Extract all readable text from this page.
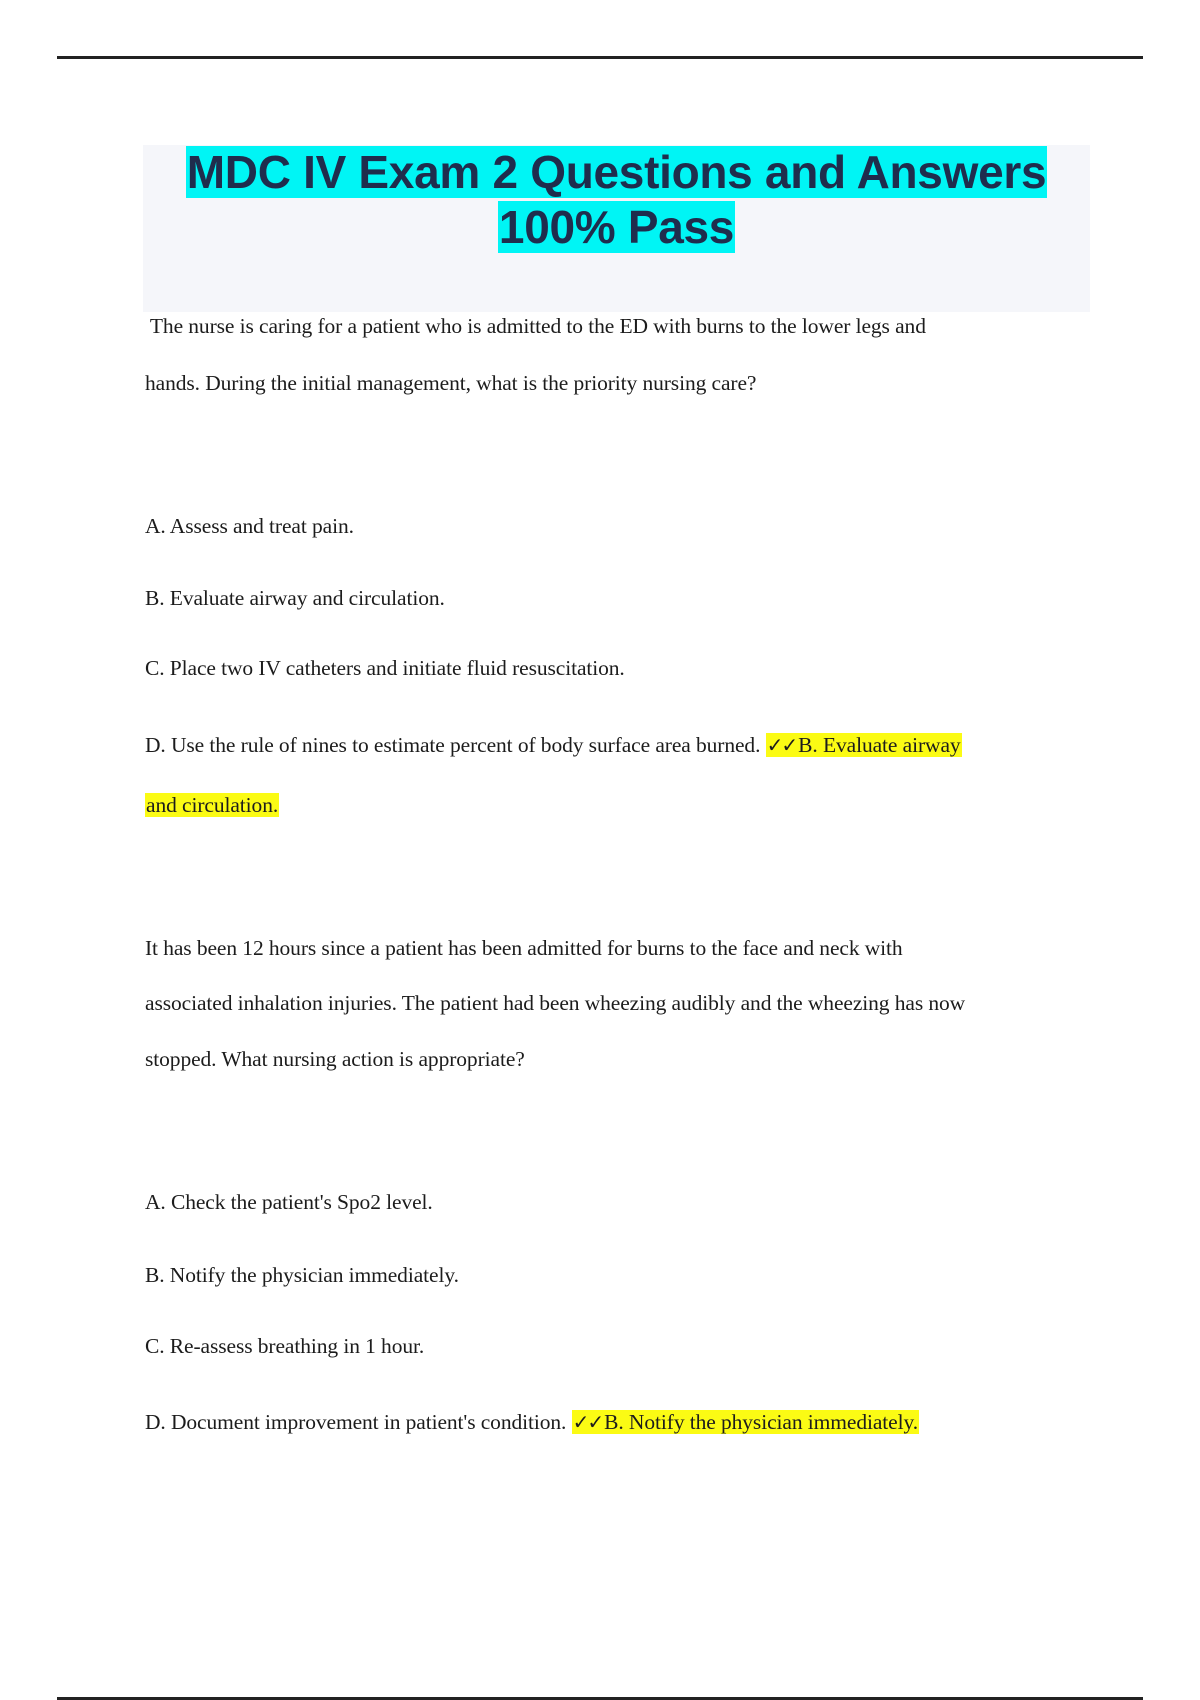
MDC IV Exam 2 Questions and Answers
100% Pass
The nurse is caring for a patient who is admitted to the ED with burns to the lower legs and
hands. During the initial management, what is the priority nursing care?
A. Assess and treat pain.
B. Evaluate airway and circulation.
C. Place two IV catheters and initiate fluid resuscitation.
D. Use the rule of nines to estimate percent of body surface area burned. ✓✓B. Evaluate airway
and circulation.
It has been 12 hours since a patient has been admitted for burns to the face and neck with
associated inhalation injuries. The patient had been wheezing audibly and the wheezing has now
stopped. What nursing action is appropriate?
A. Check the patient's Spo2 level.
B. Notify the physician immediately.
C. Re-assess breathing in 1 hour.
D. Document improvement in patient's condition. ✓✓B. Notify the physician immediately.
